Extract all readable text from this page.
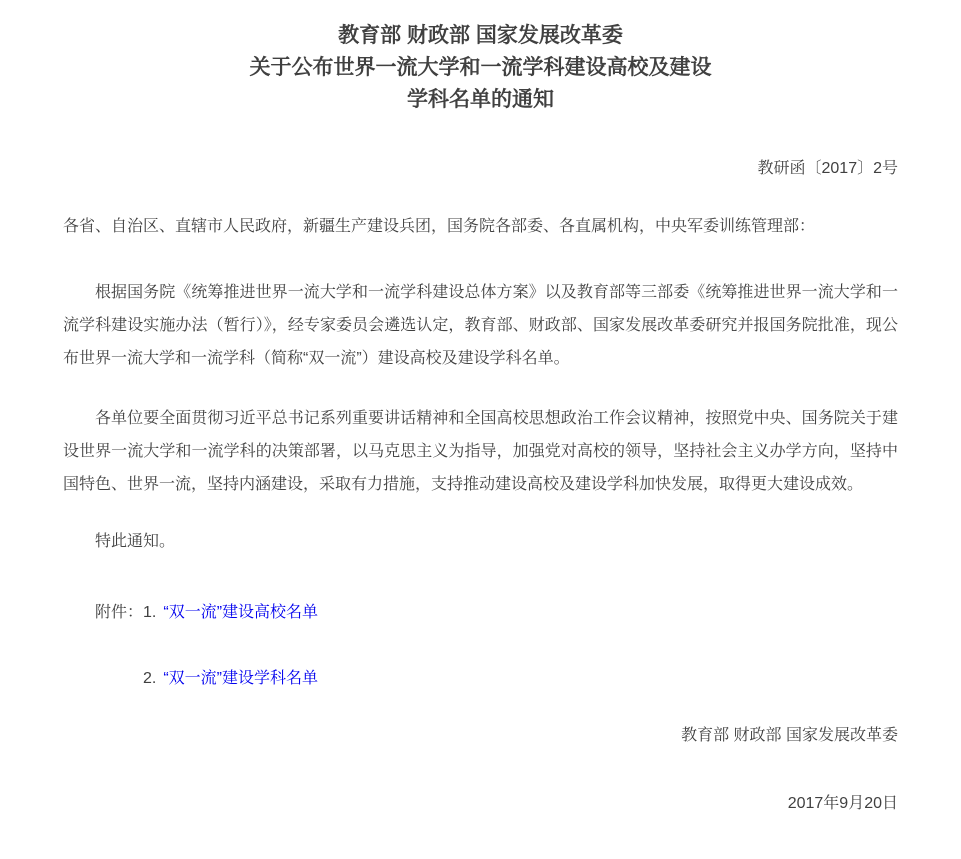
教育部 财政部 国家发展改革委
关于公布世界一流大学和一流学科建设高校及建设
学科名单的通知

教研函〔2017〕2号

各省、自治区、直辖市人民政府，新疆生产建设兵团，国务院各部委、各直属机构，中央军委训练管理部：

根据国务院《统筹推进世界一流大学和一流学科建设总体方案》以及教育部等三部委《统筹推进世界一流大学和一流学科建设实施办法（暂行）》，经专家委员会遴选认定，教育部、财政部、国家发展改革委研究并报国务院批准，现公布世界一流大学和一流学科（简称“双一流”）建设高校及建设学科名单。

各单位要全面贯彻习近平总书记系列重要讲话精神和全国高校思想政治工作会议精神，按照党中央、国务院关于建设世界一流大学和一流学科的决策部署，以马克思主义为指导，加强党对高校的领导，坚持社会主义办学方向，坚持中国特色、世界一流，坚持内涵建设，采取有力措施，支持推动建设高校及建设学科加快发展，取得更大建设成效。

特此通知。

附件：1. “双一流”建设高校名单

2. “双一流”建设学科名单

教育部 财政部 国家发展改革委

2017年9月20日
